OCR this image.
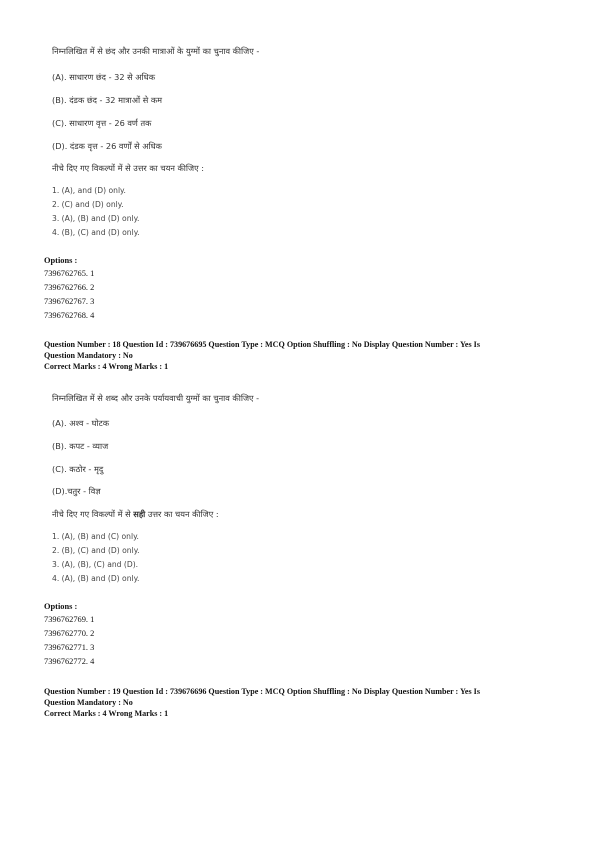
निम्नलिखित में से छंद और उनकी मात्राओं के युग्मों का चुनाव कीजिए -
(A). साधारण छंद - 32 से अधिक
(B). दंडक छंद - 32 मात्राओं से कम
(C). साधारण वृत्त - 26 वर्ण तक
(D). दंडक वृत्त - 26 वर्णों से अधिक
नीचे दिए गए विकल्पों में से उत्तर का चयन कीजिए :
1. (A), and (D) only.
2. (C) and (D) only.
3. (A), (B) and (D) only.
4. (B), (C) and (D) only.
Options :
7396762765. 1
7396762766. 2
7396762767. 3
7396762768. 4
Question Number : 18 Question Id : 739676695 Question Type : MCQ Option Shuffling : No Display Question Number : Yes Is
Question Mandatory : No
Correct Marks : 4 Wrong Marks : 1
निम्नलिखित में से शब्द और उनके पर्यायवाची युग्मों का चुनाव कीजिए -
(A). अश्व - घोटक
(B). कपट - व्याज
(C). कठोर - मृदु
(D).चतुर - विज्ञ
नीचे दिए गए विकल्पों में से सही उत्तर का चयन कीजिए :
1. (A), (B) and (C) only.
2. (B), (C) and (D) only.
3. (A), (B), (C) and (D).
4. (A), (B) and (D) only.
Options :
7396762769. 1
7396762770. 2
7396762771. 3
7396762772. 4
Question Number : 19 Question Id : 739676696 Question Type : MCQ Option Shuffling : No Display Question Number : Yes Is
Question Mandatory : No
Correct Marks : 4 Wrong Marks : 1
